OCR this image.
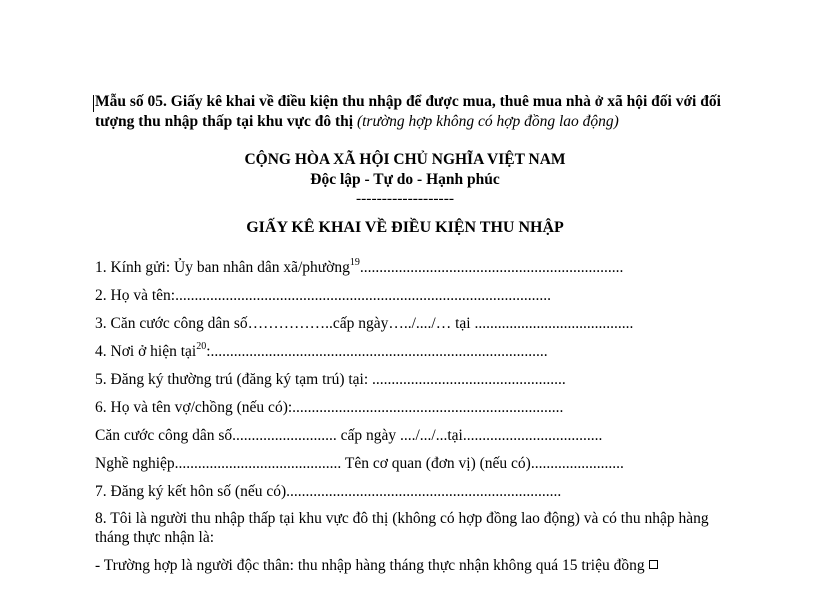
Mẫu số 05. Giấy kê khai về điều kiện thu nhập để được mua, thuê mua nhà ở xã hội đối với đối tượng thu nhập thấp tại khu vực đô thị (trường hợp không có hợp đồng lao động)
CỘNG HÒA XÃ HỘI CHỦ NGHĨA VIỆT NAM
Độc lập - Tự do - Hạnh phúc
-------------------
GIẤY KÊ KHAI VỀ ĐIỀU KIỆN THU NHẬP
1. Kính gửi: Ủy ban nhân dân xã/phường$^{19}$....................................................................
2. Họ và tên:.................................................................................................
3. Căn cước công dân số……………..cấp ngày…../..../… tại .........................................
4. Nơi ở hiện tại$^{20}$:.......................................................................................
5. Đăng ký thường trú (đăng ký tạm trú) tại: ..................................................
6. Họ và tên vợ/chồng (nếu có):......................................................................
Căn cước công dân số........................... cấp ngày ..../.../...tại....................................
Nghề nghiệp........................................... Tên cơ quan (đơn vị) (nếu có)........................
7. Đăng ký kết hôn số (nếu có).......................................................................
8. Tôi là người thu nhập thấp tại khu vực đô thị (không có hợp đồng lao động) và có thu nhập hàng tháng thực nhận là:
- Trường hợp là người độc thân: thu nhập hàng tháng thực nhận không quá 15 triệu đồng
